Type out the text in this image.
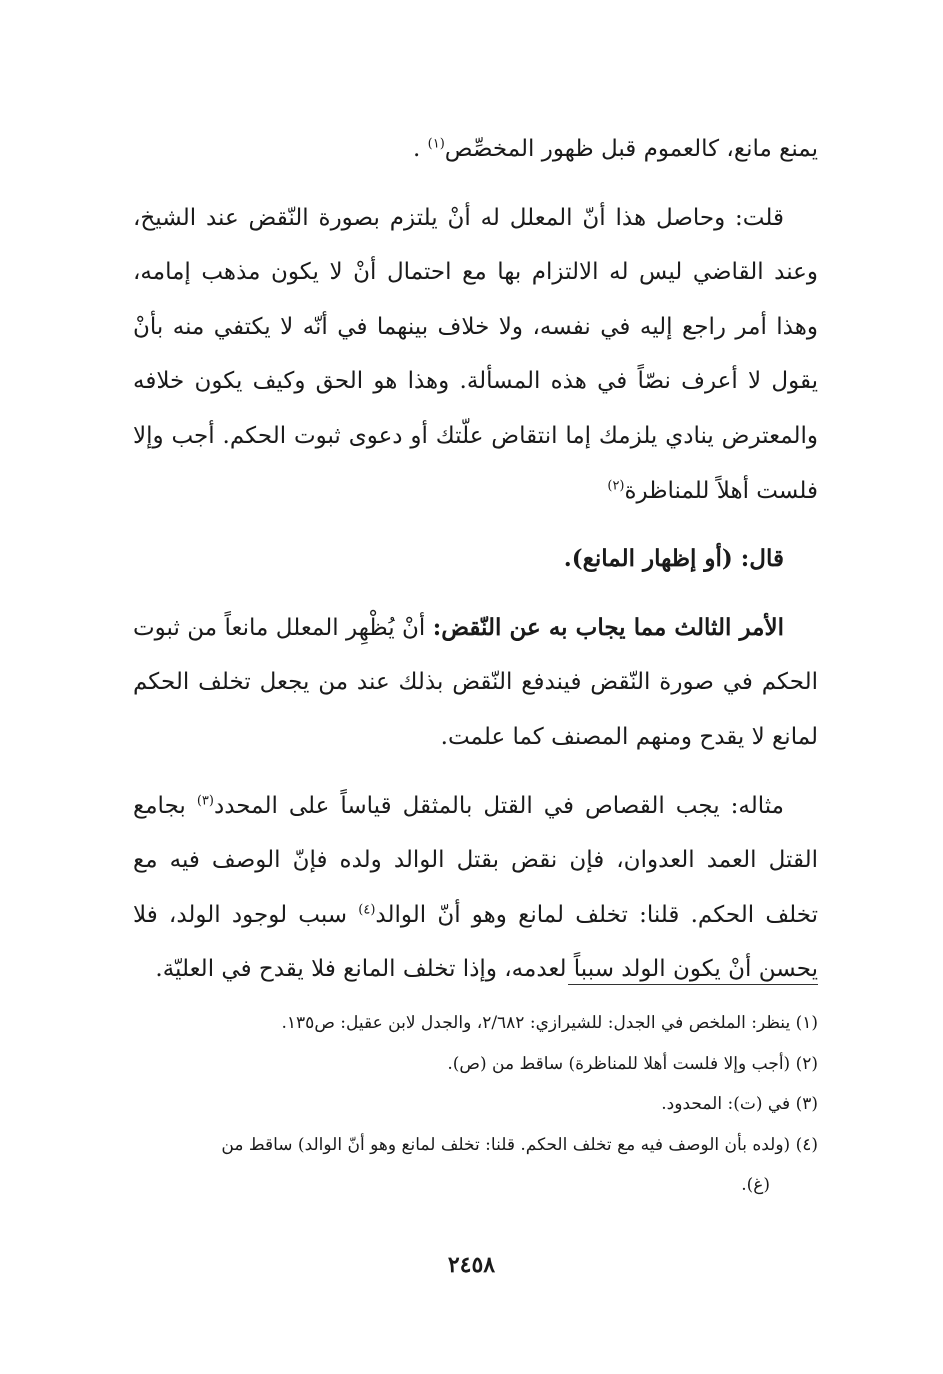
يمنع مانع، كالعموم قبل ظهور المخصِّص$^{(١)}$ .

قلت: وحاصل هذا أنّ المعلل له أنْ يلتزم بصورة النّقض عند الشيخ، وعند القاضي ليس له الالتزام بها مع احتمال أنْ لا يكون مذهب إمامه، وهذا أمر راجع إليه في نفسه، ولا خلاف بينهما في أنّه لا يكتفي منه بأنْ يقول لا أعرف نصّاً في هذه المسألة. وهذا هو الحق وكيف يكون خلافه والمعترض ينادي يلزمك إما انتقاض علّتك أو دعوى ثبوت الحكم. أجب وإلا فلست أهلاً للمناظرة$^{(٢)}$

قال: (أو إظهار المانع).

الأمر الثالث مما يجاب به عن النّقض: أنْ يُظْهِر المعلل مانعاً من ثبوت الحكم في صورة النّقض فيندفع النّقض بذلك عند من يجعل تخلف الحكم لمانع لا يقدح ومنهم المصنف كما علمت.

مثاله: يجب القصاص في القتل بالمثقل قياساً على المحدد$^{(٣)}$ بجامع القتل العمد العدوان، فإن نقض بقتل الوالد ولده فإنّ الوصف فيه مع تخلف الحكم. قلنا: تخلف لمانع وهو أنّ الوالد$^{(٤)}$ سبب لوجود الولد، فلا يحسن أنْ يكون الولد سبباً لعدمه، وإذا تخلف المانع فلا يقدح في العليّة.

(١) ينظر: الملخص في الجدل: للشيرازي: ٢/٦٨٢، والجدل لابن عقيل: ص١٣٥.

(٢) (أجب وإلا فلست أهلا للمناظرة) ساقط من (ص).

(٣) في (ت): المحدود.

(٤) (ولده بأن الوصف فيه مع تخلف الحكم. قلنا: تخلف لمانع وهو أنّ الوالد) ساقط من

(غ).

٢٤٥٨
